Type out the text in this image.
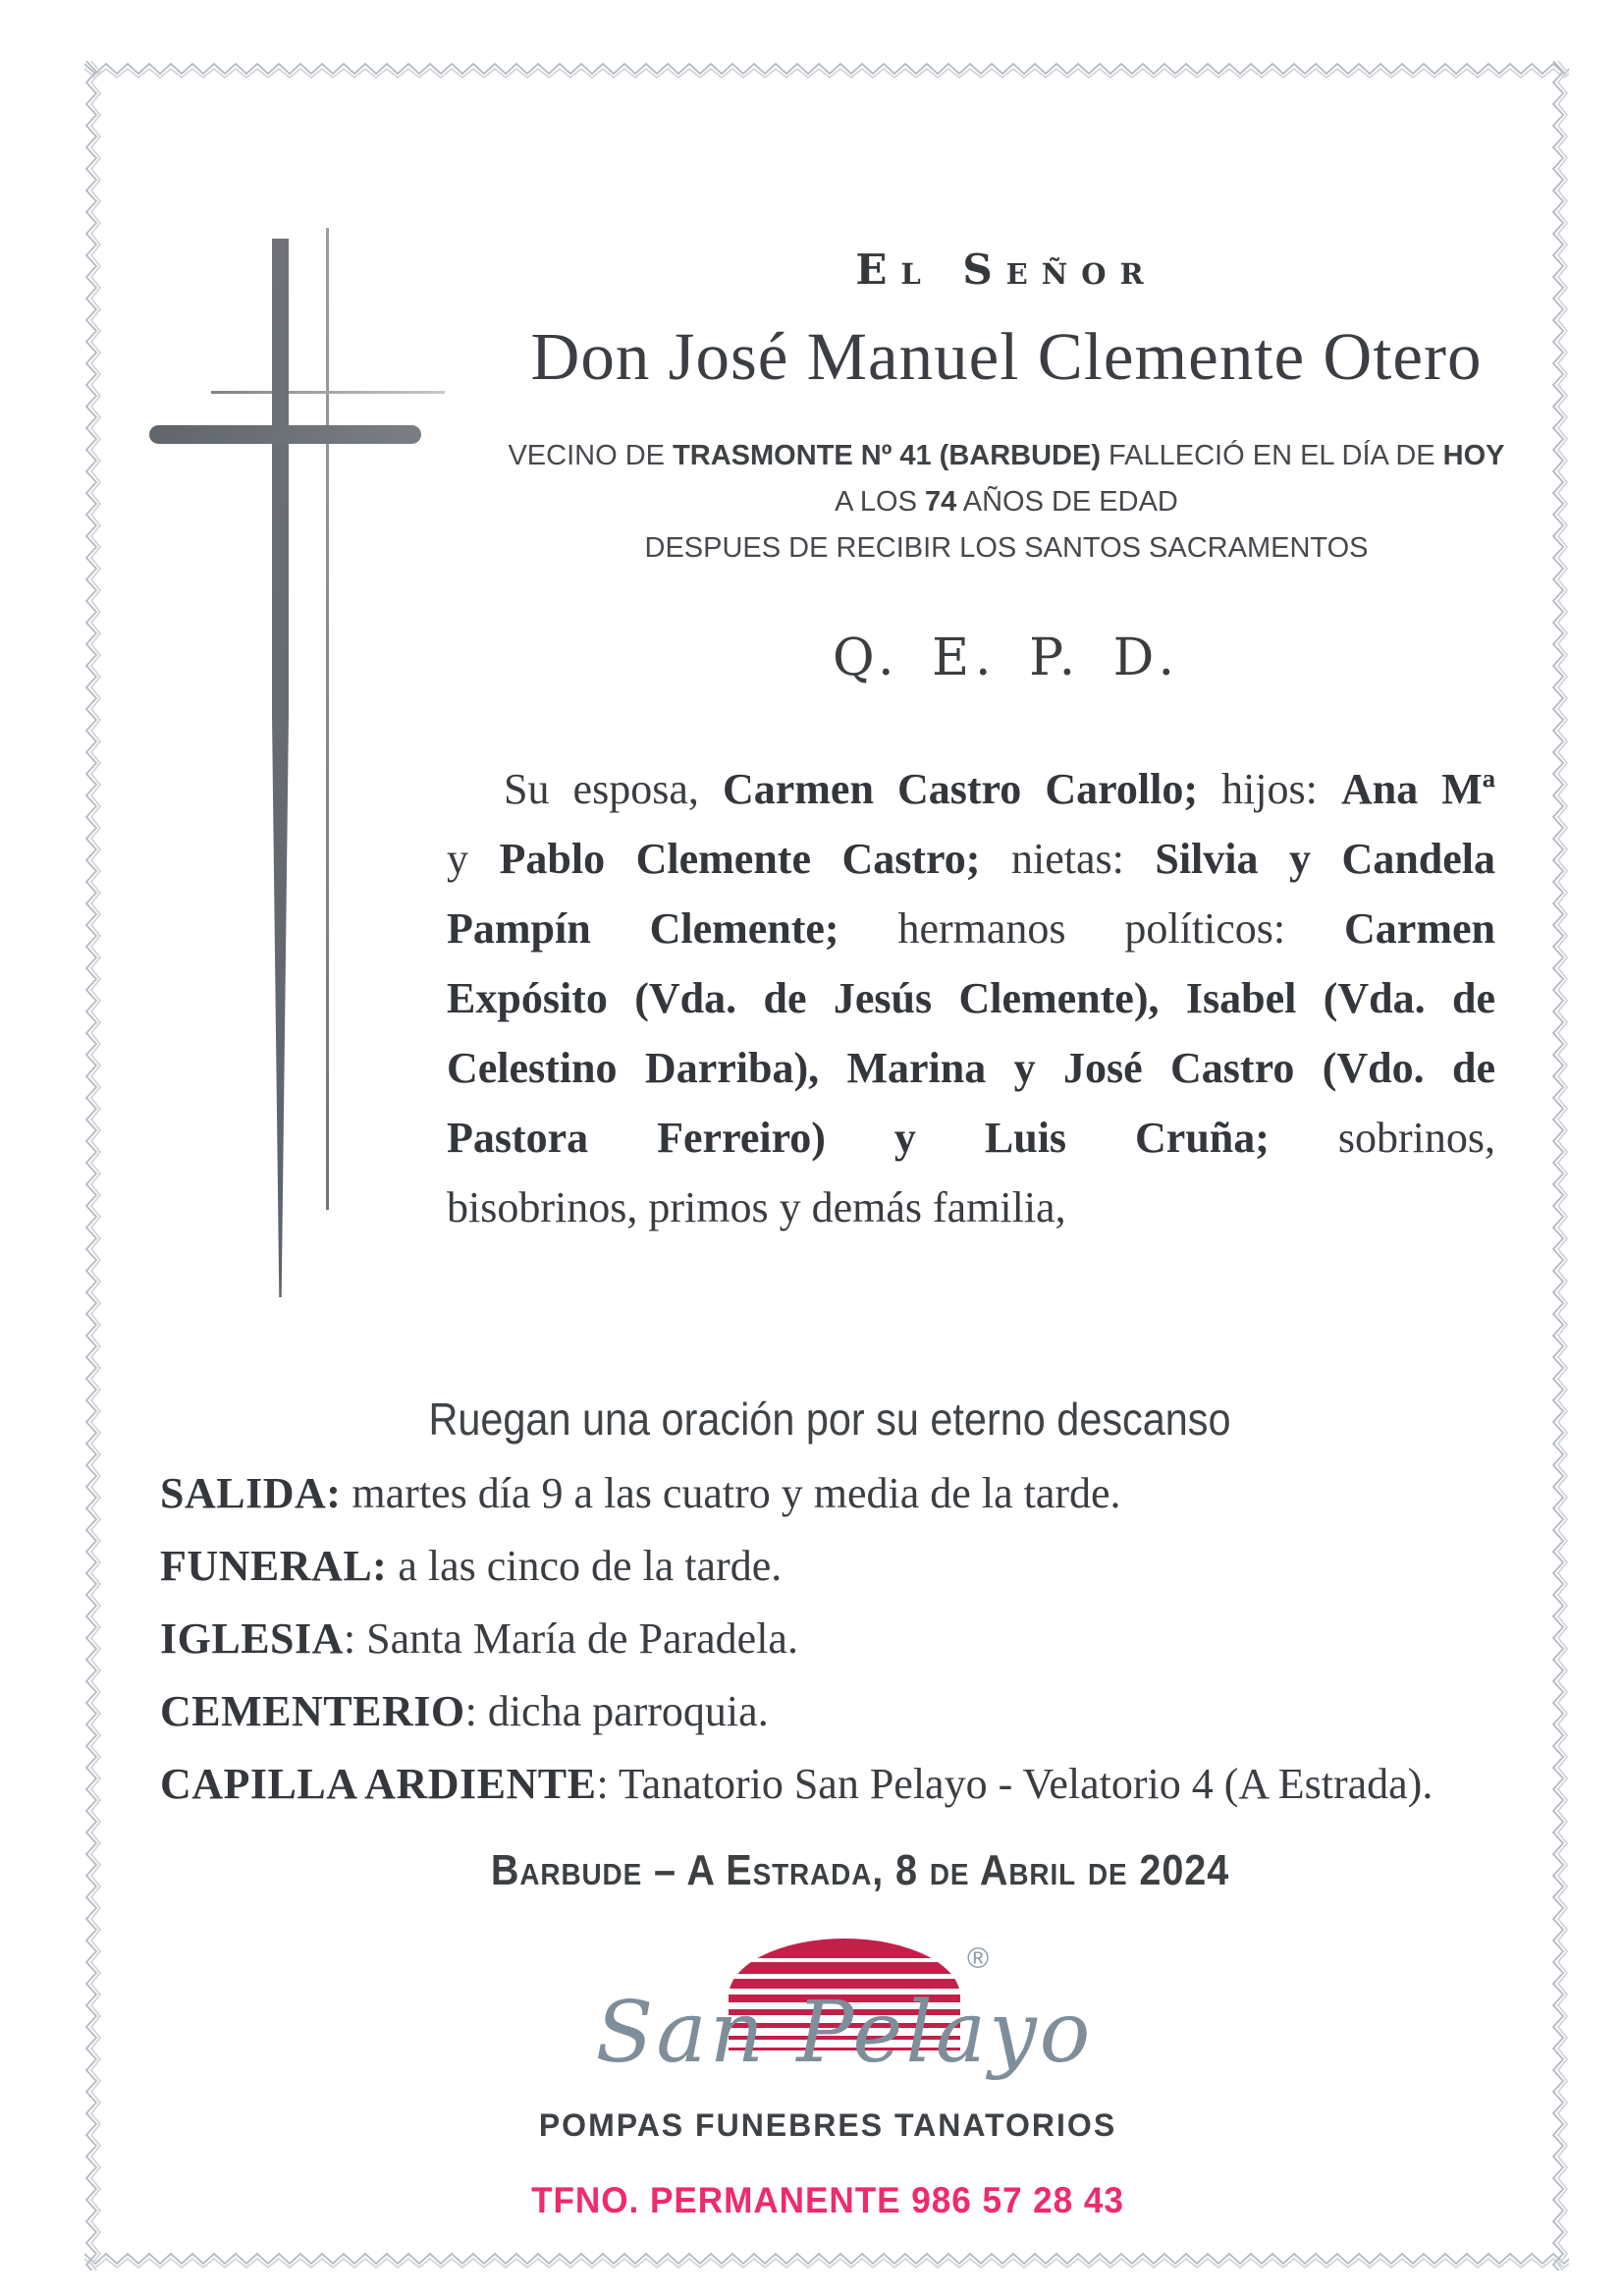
El Señor
Don José Manuel Clemente Otero
VECINO DE TRASMONTE Nº 41 (BARBUDE) FALLECIÓ EN EL DÍA DE HOY
A LOS 74 AÑOS DE EDAD
DESPUES DE RECIBIR LOS SANTOS SACRAMENTOS
Q. E. P. D.
Su esposa, Carmen Castro Carollo; hijos: Ana Mª
y Pablo Clemente Castro; nietas: Silvia y Candela
Pampín Clemente; hermanos políticos: Carmen
Expósito (Vda. de Jesús Clemente), Isabel (Vda. de
Celestino Darriba), Marina y José Castro (Vdo. de
Pastora Ferreiro) y Luis Cruña; sobrinos,
bisobrinos, primos y demás familia,
Ruegan una oración por su eterno descanso
SALIDA: martes día 9 a las cuatro y media de la tarde.
FUNERAL: a las cinco de la tarde.
IGLESIA: Santa María de Paradela.
CEMENTERIO: dicha parroquia.
CAPILLA ARDIENTE: Tanatorio San Pelayo - Velatorio 4 (A Estrada).
Barbude – A Estrada, 8 de Abril de 2024
®
San Pelayo
POMPAS FUNEBRES TANATORIOS
TFNO. PERMANENTE 986 57 28 43
